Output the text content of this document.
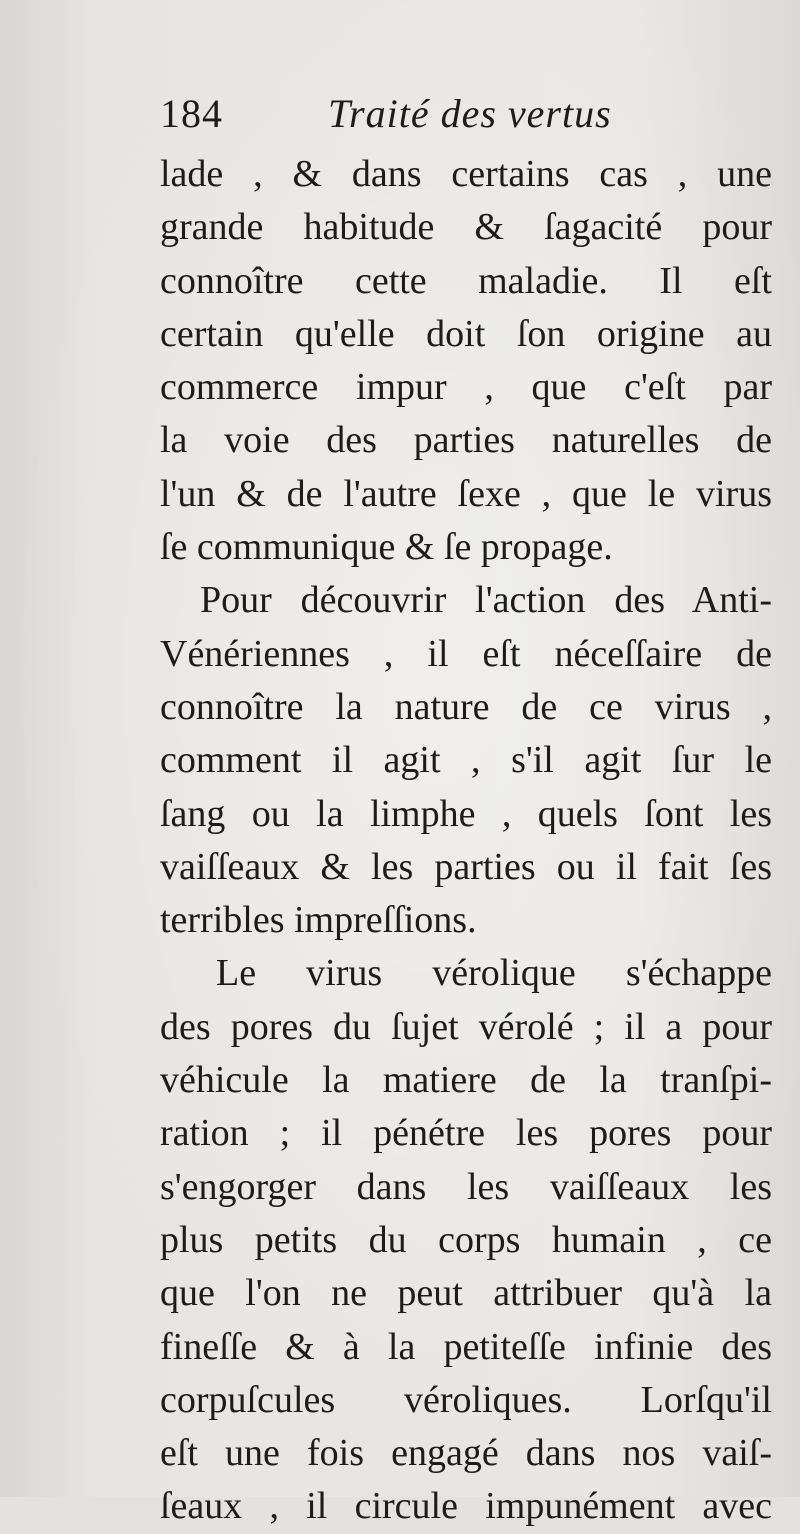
184	Traité des vertus
lade , & dans certains cas , une
grande habitude & ſagacité pour
connoître cette maladie. Il eſt
certain qu'elle doit ſon origine au
commerce impur , que c'eſt par
la voie des parties naturelles de
l'un & de l'autre ſexe , que le virus
ſe communique & ſe propage.
Pour découvrir l'action des Anti-
Vénériennes , il eſt néceſſaire de
connoître la nature de ce virus ,
comment il agit , s'il agit ſur le
ſang ou la limphe , quels ſont les
vaiſſeaux & les parties ou il fait ſes
terribles impreſſions.
Le virus vérolique s'échappe
des pores du ſujet vérolé ; il a pour
véhicule la matiere de la tranſpi-
ration ; il pénétre les pores pour
s'engorger dans les vaiſſeaux les
plus petits du corps humain , ce
que l'on ne peut attribuer qu'à la
fineſſe & à la petiteſſe infinie des
corpuſcules véroliques. Lorſqu'il
eſt une fois engagé dans nos vaiſ-
ſeaux , il circule impunément avec
